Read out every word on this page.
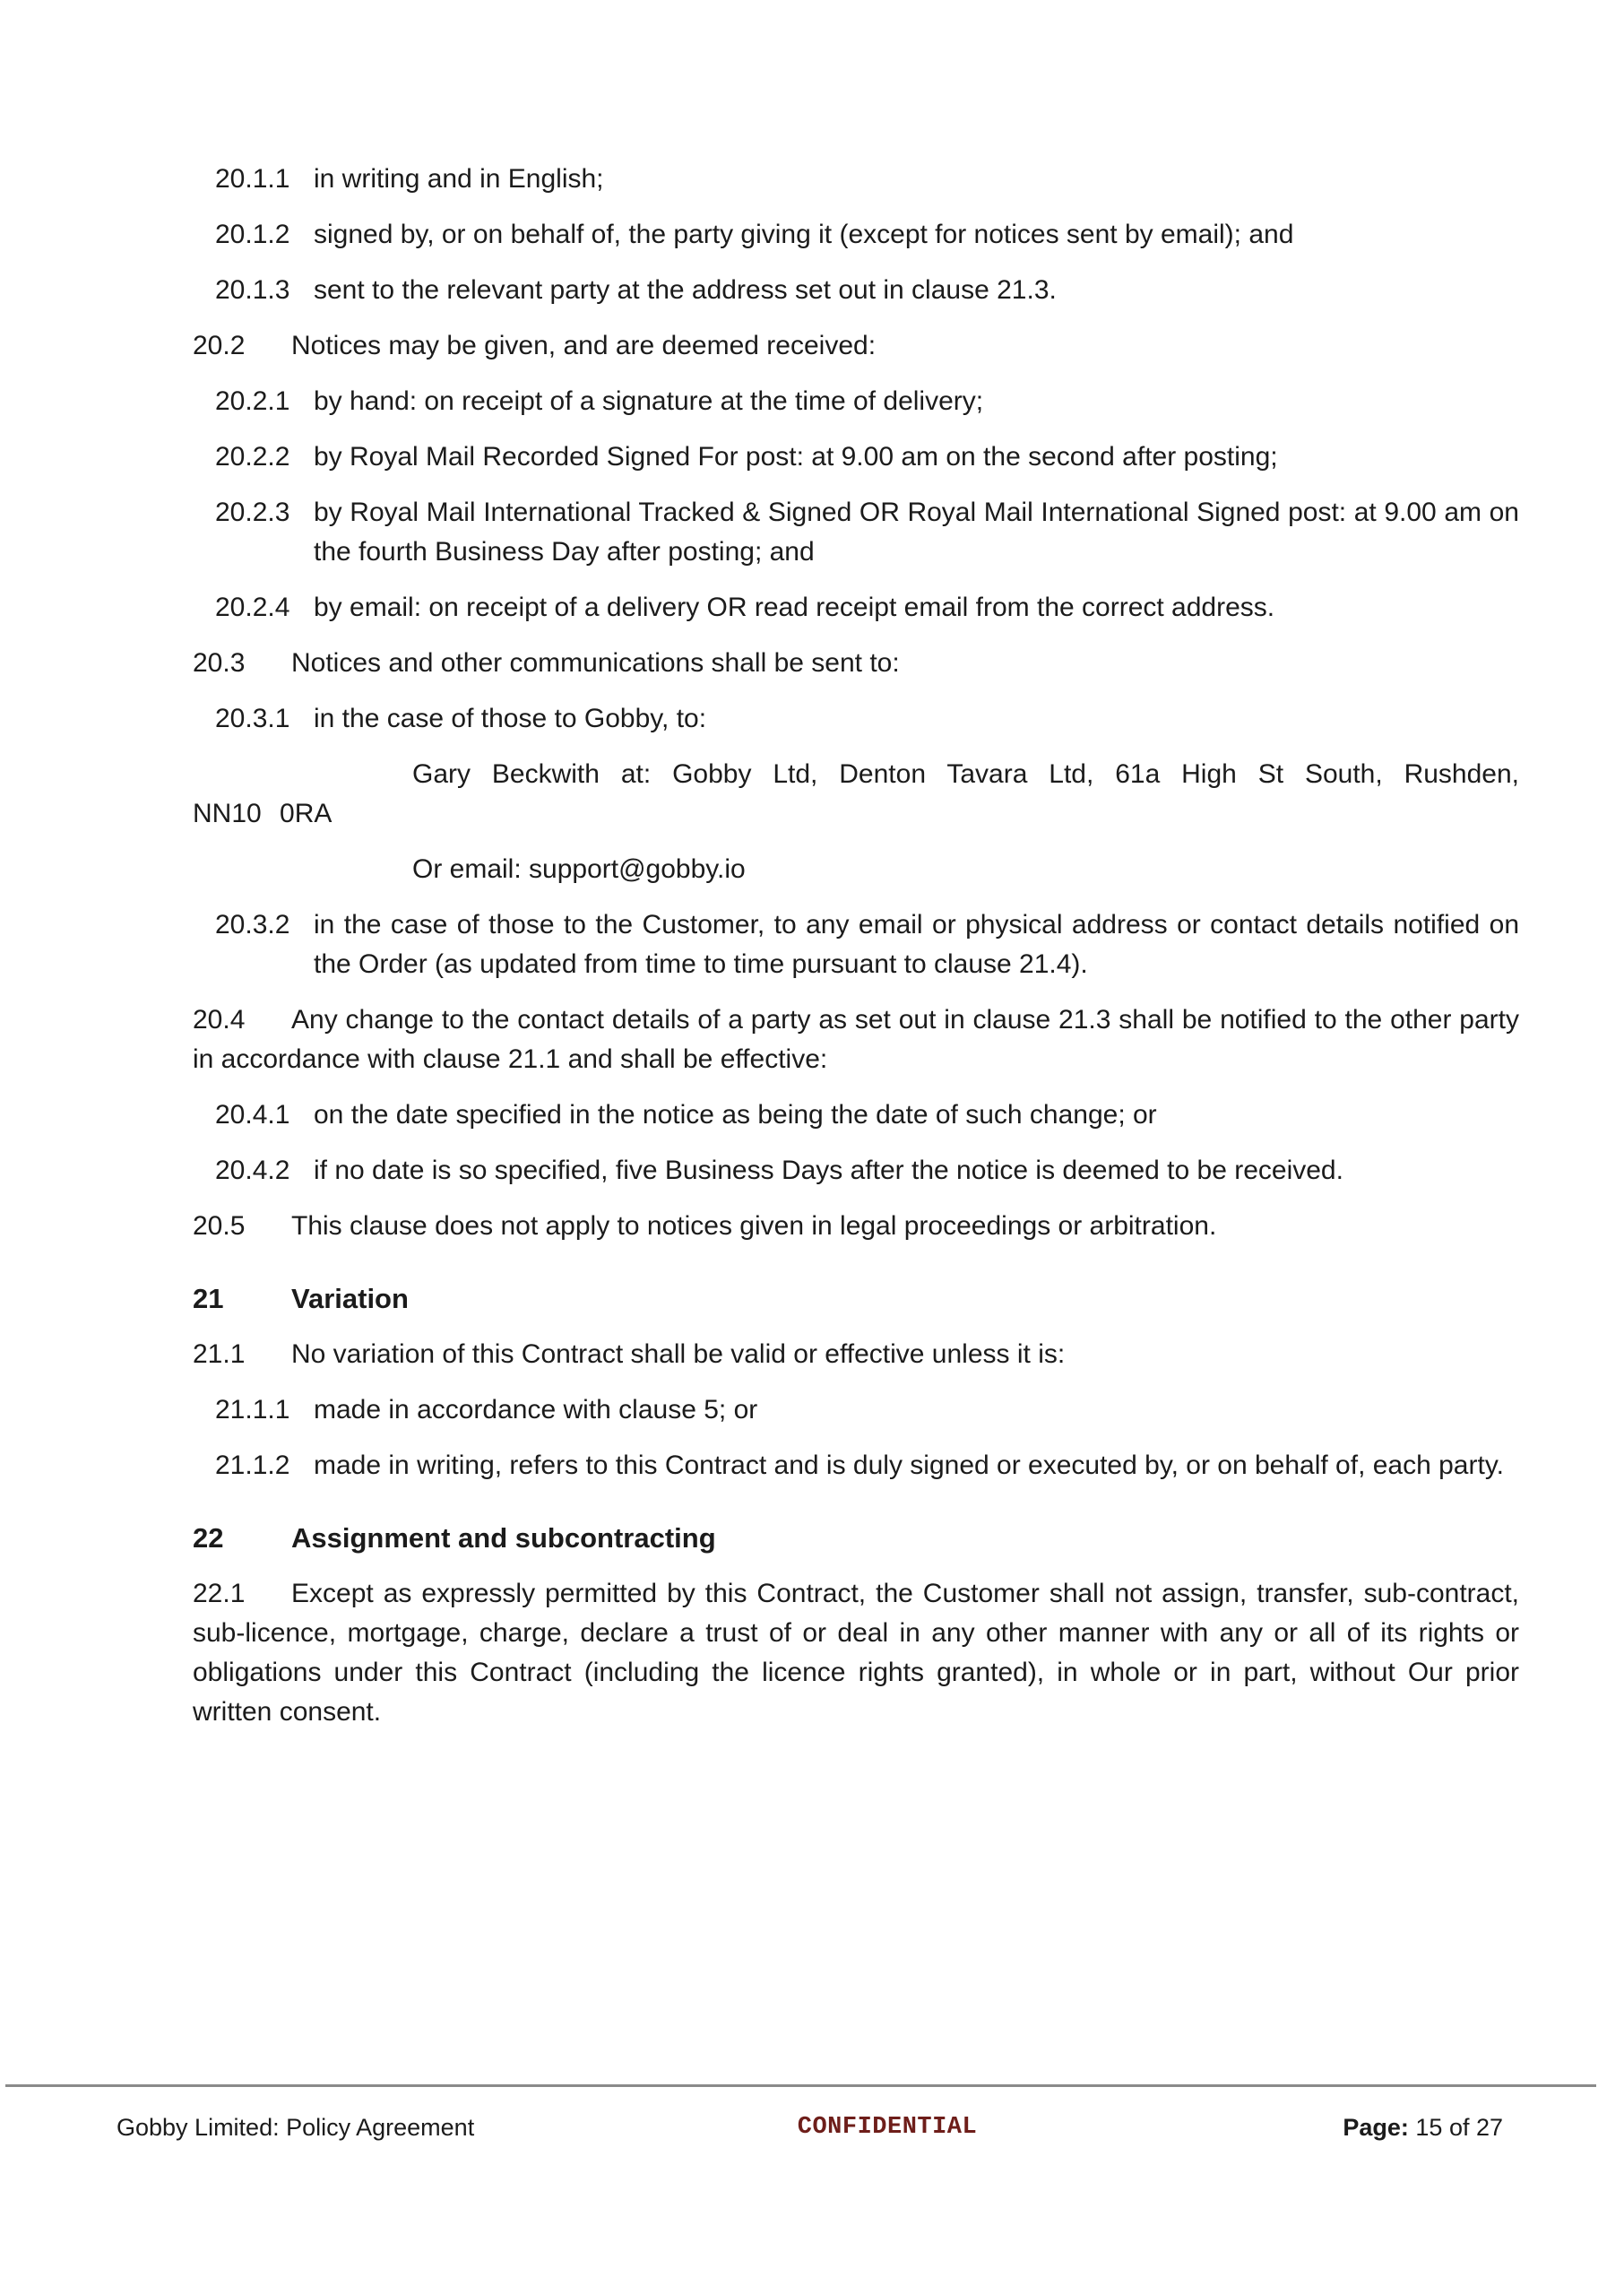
20.1.1 in writing and in English;

20.1.2 signed by, or on behalf of, the party giving it (except for notices sent by email); and

20.1.3 sent to the relevant party at the address set out in clause 21.3.

20.2 Notices may be given, and are deemed received:

20.2.1 by hand: on receipt of a signature at the time of delivery;

20.2.2 by Royal Mail Recorded Signed For post: at 9.00 am on the second after posting;

20.2.3 by Royal Mail International Tracked & Signed OR Royal Mail International Signed post: at 9.00 am on the fourth Business Day after posting; and

20.2.4 by email: on receipt of a delivery OR read receipt email from the correct address.

20.3 Notices and other communications shall be sent to:

20.3.1 in the case of those to Gobby, to:

Gary Beckwith at: Gobby Ltd, Denton Tavara Ltd, 61a High St South, Rushden, NN10 0RA

Or email: support@gobby.io

20.3.2 in the case of those to the Customer, to any email or physical address or contact details notified on the Order (as updated from time to time pursuant to clause 21.4).

20.4 Any change to the contact details of a party as set out in clause 21.3 shall be notified to the other party in accordance with clause 21.1 and shall be effective:

20.4.1 on the date specified in the notice as being the date of such change; or

20.4.2 if no date is so specified, five Business Days after the notice is deemed to be received.

20.5 This clause does not apply to notices given in legal proceedings or arbitration.

21 Variation

21.1 No variation of this Contract shall be valid or effective unless it is:

21.1.1 made in accordance with clause 5; or

21.1.2 made in writing, refers to this Contract and is duly signed or executed by, or on behalf of, each party.

22 Assignment and subcontracting

22.1 Except as expressly permitted by this Contract, the Customer shall not assign, transfer, sub-contract, sub-licence, mortgage, charge, declare a trust of or deal in any other manner with any or all of its rights or obligations under this Contract (including the licence rights granted), in whole or in part, without Our prior written consent.

Gobby Limited: Policy Agreement	CONFIDENTIAL	Page: 15 of 27
